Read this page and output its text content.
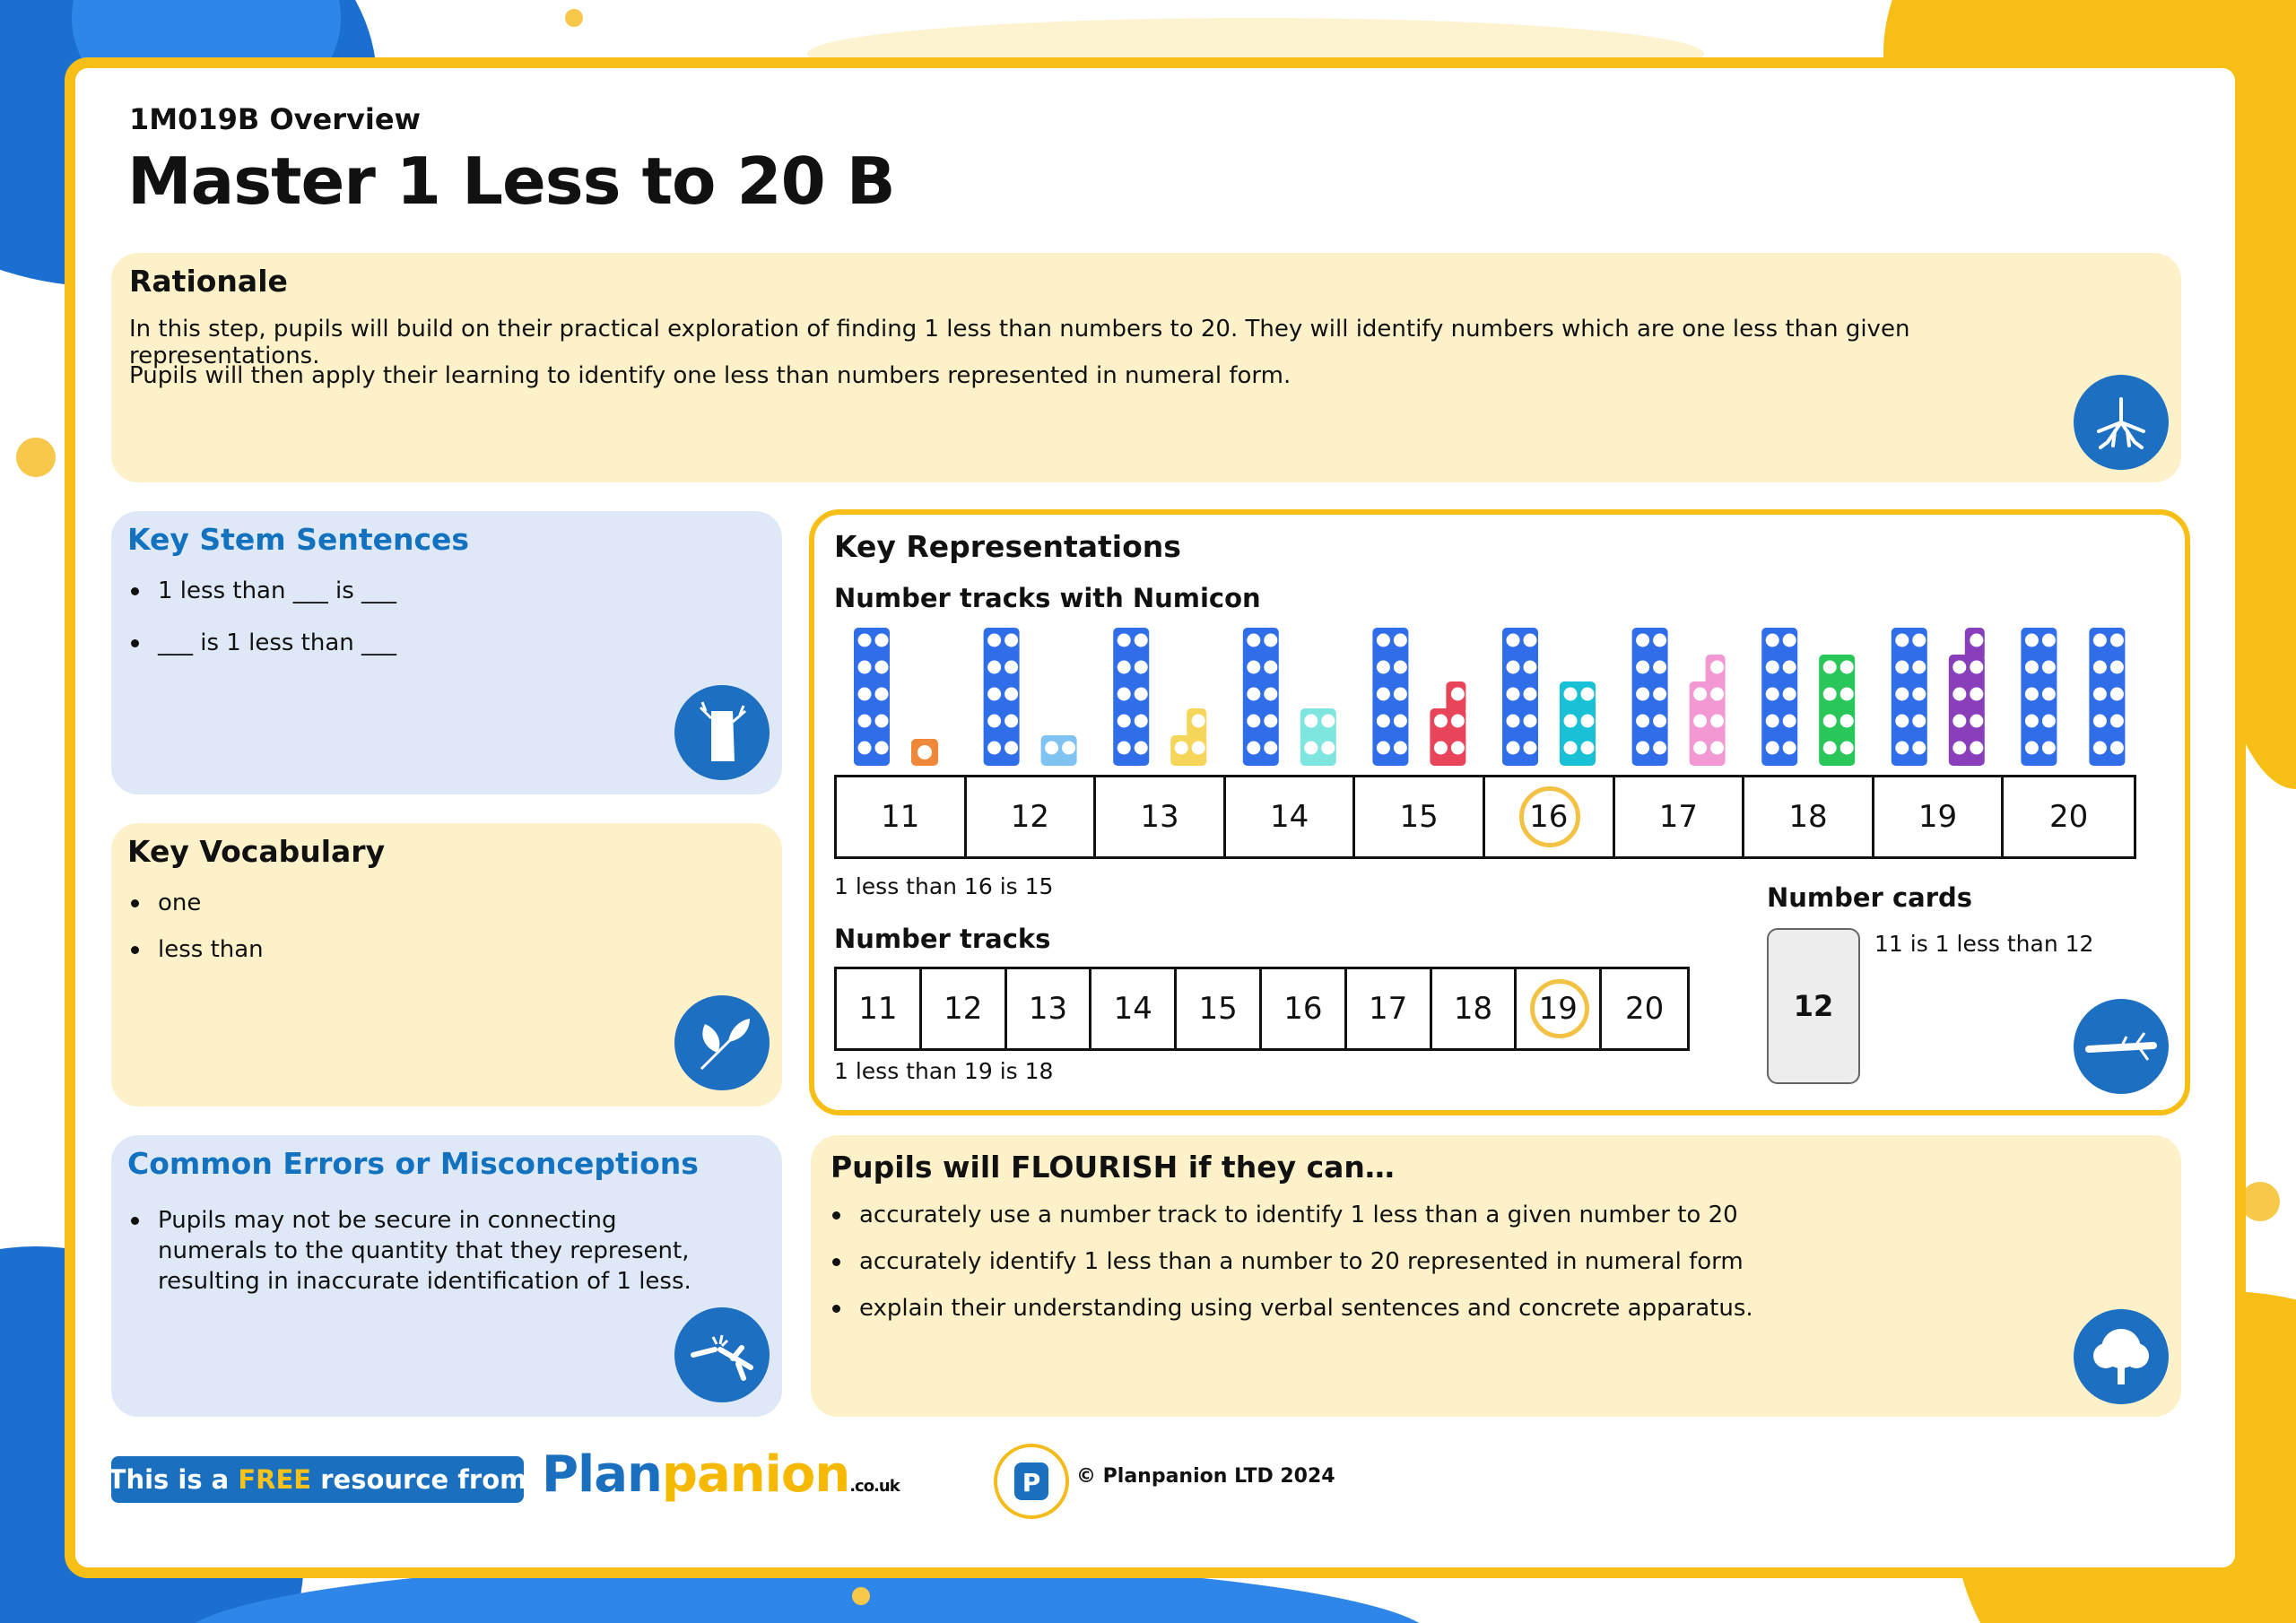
1M019B Overview
Master 1 Less to 20 B
Rationale

In this step, pupils will build on their practical exploration of finding 1 less than numbers to 20. They will identify numbers which are one less than given representations.

Pupils will then apply their learning to identify one less than numbers represented in numeral form.

Key Stem Sentences
1 less than ___ is ___
___ is 1 less than ___
Key Vocabulary
one
less than
Common Errors or Misconceptions
Pupils may not be secure in connecting numerals to the quantity that they represent, resulting in inaccurate identification of 1 less.
Key Representations
Number tracks with Numicon
11	12	13	14	15	16	17	18	19	20
1 less than 16 is 15
Number tracks
11 12 13 14 15 16 17 18 19 20
1 less than 19 is 18
Number cards
12
11 is 1 less than 12
Pupils will FLOURISH if they can…
accurately use a number track to identify 1 less than a given number to 20
accurately identify 1 less than a number to 20 represented in numeral form
explain their understanding using verbal sentences and concrete apparatus.
This is a FREE resource from Planpanion.co.uk	P © Planpanion LTD 2024
